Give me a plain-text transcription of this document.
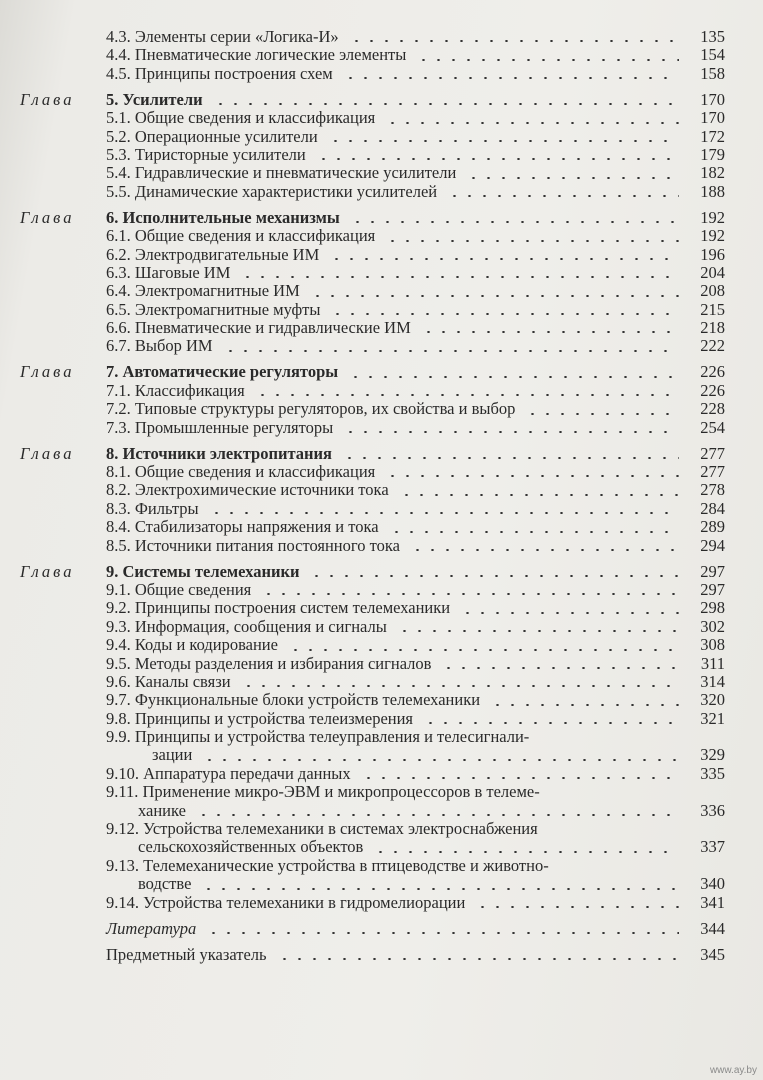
4.3. Элементы серии «Логика-И»	135
4.4. Пневматические логические элементы	154
4.5. Принципы построения схем	158
Глава	5. Усилители	170
5.1. Общие сведения и классификация	170
5.2. Операционные усилители	172
5.3. Тиристорные усилители	179
5.4. Гидравлические и пневматические усилители	182
5.5. Динамические характеристики усилителей	188
Глава	6. Исполнительные механизмы	192
6.1. Общие сведения и классификация	192
6.2. Электродвигательные ИМ	196
6.3. Шаговые ИМ	204
6.4. Электромагнитные ИМ	208
6.5. Электромагнитные муфты	215
6.6. Пневматические и гидравлические ИМ	218
6.7. Выбор ИМ	222
Глава	7. Автоматические регуляторы	226
7.1. Классификация	226
7.2. Типовые структуры регуляторов, их свойства и выбор	228
7.3. Промышленные регуляторы	254
Глава	8. Источники электропитания	277
8.1. Общие сведения и классификация	277
8.2. Электрохимические источники тока	278
8.3. Фильтры	284
8.4. Стабилизаторы напряжения и тока	289
8.5. Источники питания постоянного тока	294
Глава	9. Системы телемеханики	297
9.1. Общие сведения	297
9.2. Принципы построения систем телемеханики	298
9.3. Информация, сообщения и сигналы	302
9.4. Коды и кодирование	308
9.5. Методы разделения и избирания сигналов	311
9.6. Каналы связи	314
9.7. Функциональные блоки устройств телемеханики	320
9.8. Принципы и устройства телеизмерения	321
9.9. Принципы и устройства телеуправления и телесигнали-
зации	329
9.10. Аппаратура передачи данных	335
9.11. Применение микро-ЭВМ и микропроцессоров в телеме-
ханике	336
9.12. Устройства телемеханики в системах электроснабжения
сельскохозяйственных объектов	337
9.13. Телемеханические устройства в птицеводстве и животно-
водстве	340
9.14. Устройства телемеханики в гидромелиорации	341
Литература	344
Предметный указатель	345
www.ay.by
